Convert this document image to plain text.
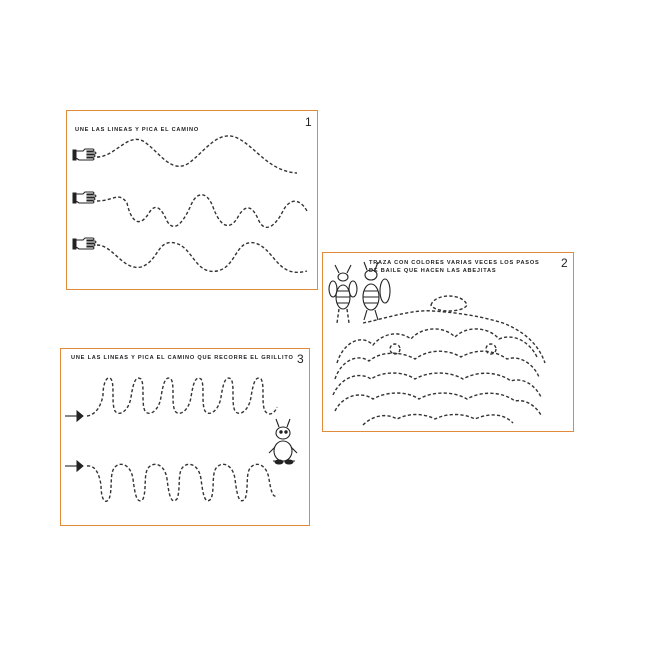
UNE LAS LINEAS Y PICA EL CAMINO
1
TRAZA CON COLORES VARIAS VECES LOS PASOS
DE BAILE QUE HACEN LAS ABEJITAS
2
UNE LAS LINEAS Y PICA EL CAMINO QUE RECORRE EL GRILLITO 3
